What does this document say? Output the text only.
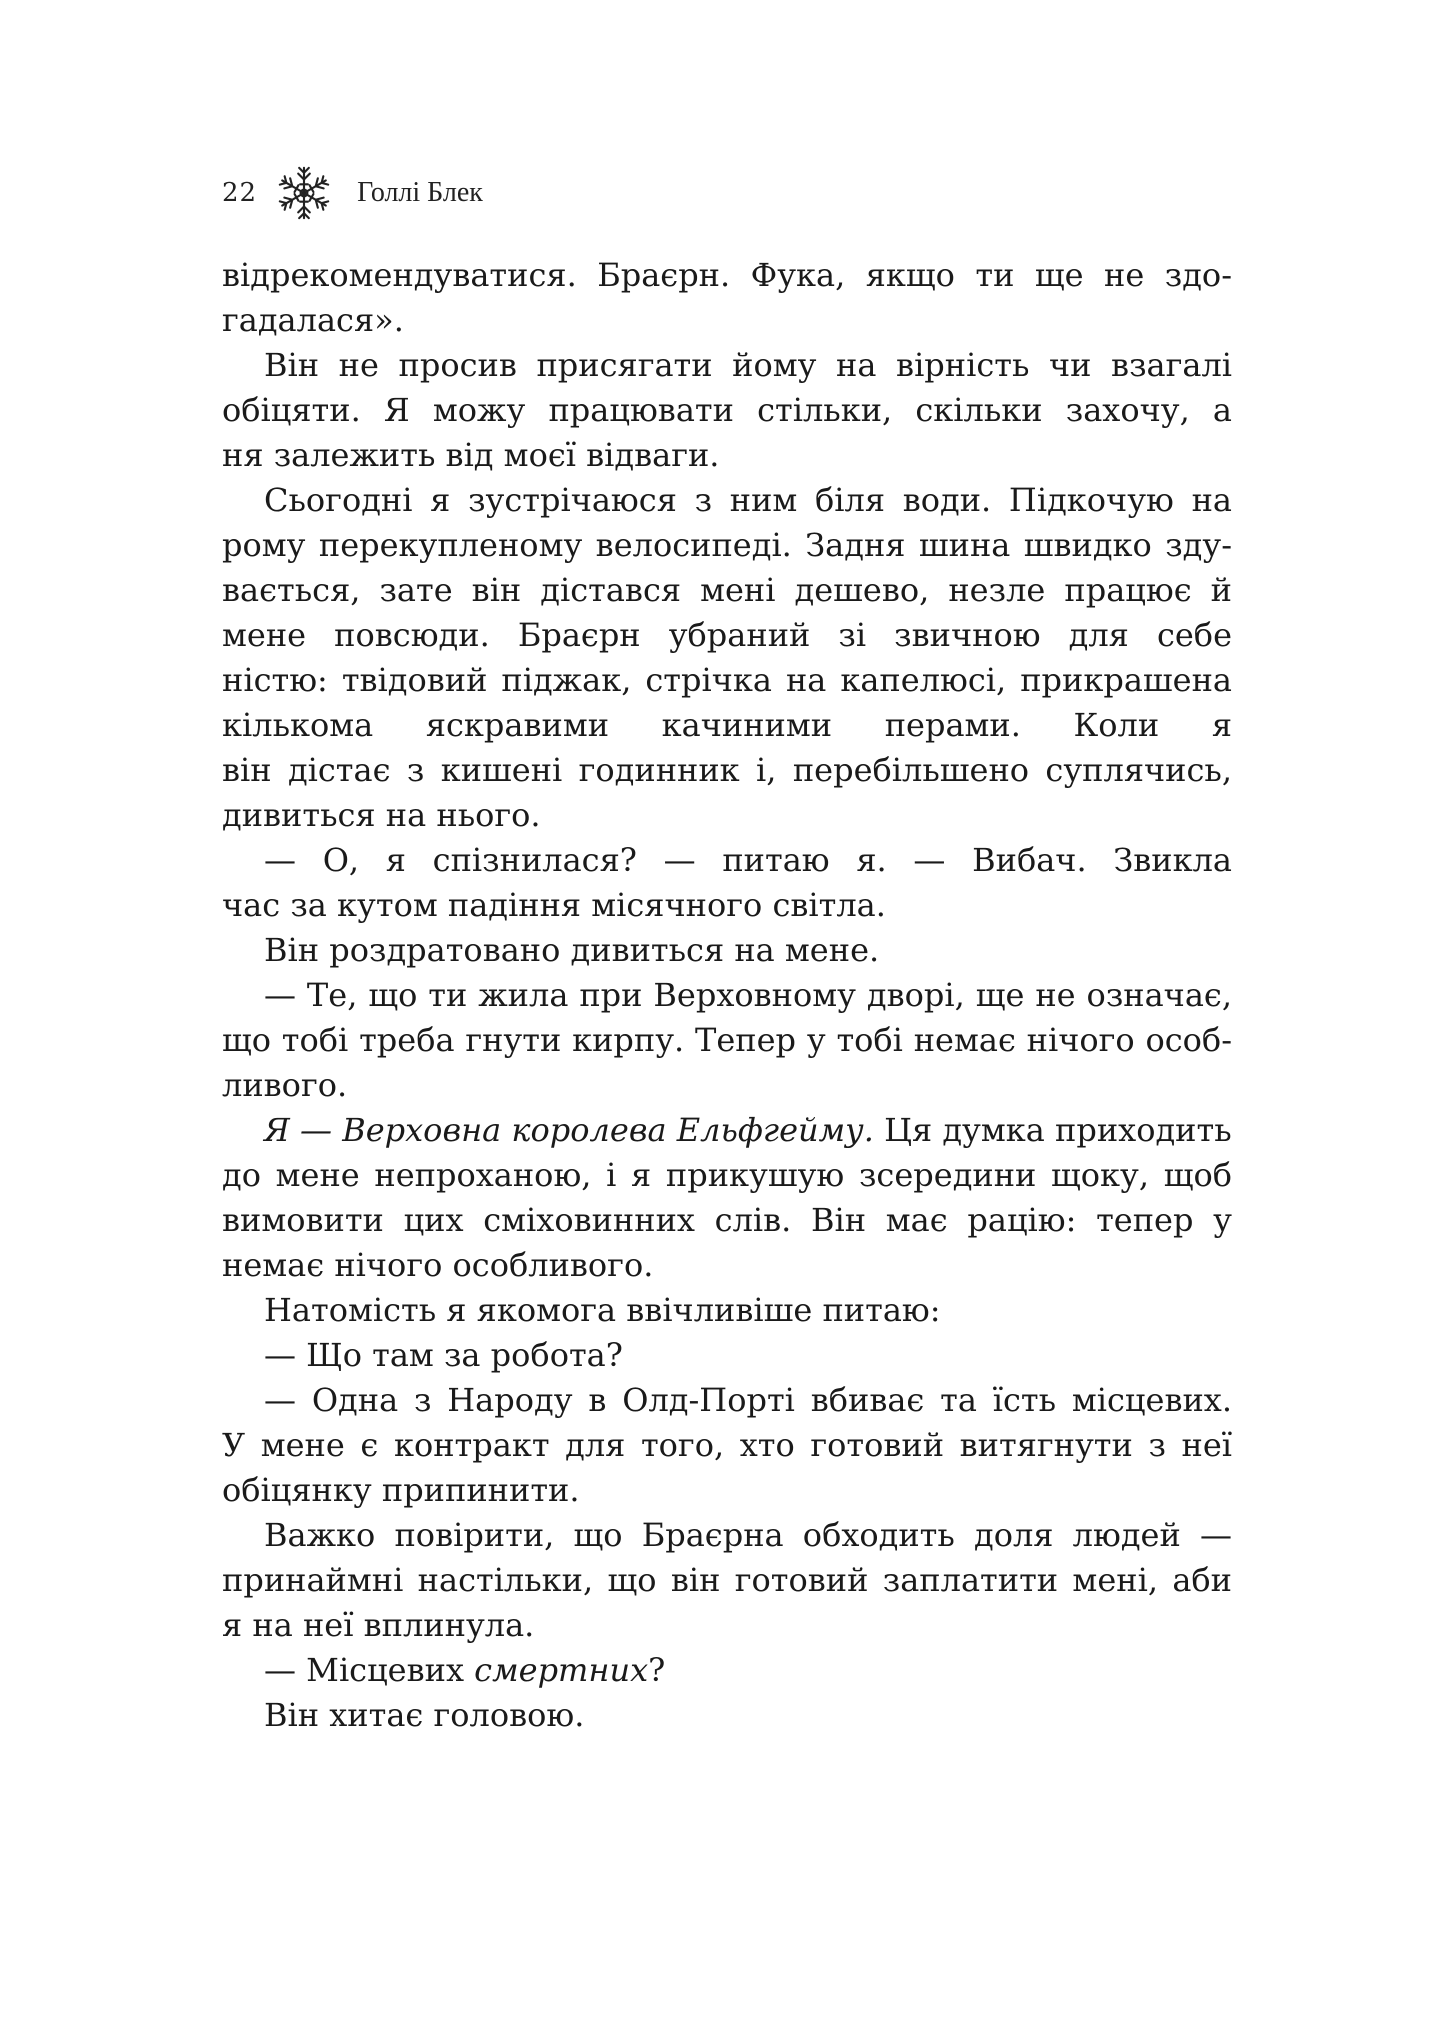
22	Голлі Блек
відрекомендуватися. Браєрн. Фука, якщо ти ще не здо-
гадалася».
Він не просив присягати йому на вірність чи взагалі
обіцяти. Я можу працювати стільки, скільки захочу, а
ня залежить від моєї відваги.
Сьогодні я зустрічаюся з ним біля води. Підкочую на
рому перекупленому велосипеді. Задня шина швидко зду-
вається, зате він дістався мені дешево, незле працює й
мене повсюди. Браєрн убраний зі звичною для себе
ністю: твідовий піджак, стрічка на капелюсі, прикрашена
кількома яскравими качиними перами. Коли я
він дістає з кишені годинник і, перебільшено суплячись,
дивиться на нього.
— О, я спізнилася? — питаю я. — Вибач. Звикла
час за кутом падіння місячного світла.
Він роздратовано дивиться на мене.
— Те, що ти жила при Верховному дворі, ще не означає,
що тобі треба гнути кирпу. Тепер у тобі немає нічого особ-
ливого.
Я — Верховна королева Ельфгейму. Ця думка приходить
до мене непроханою, і я прикушую зсередини щоку, щоб
вимовити цих сміховинних слів. Він має рацію: тепер у
немає нічого особливого.
Натомість я якомога ввічливіше питаю:
— Що там за робота?
— Одна з Народу в Олд-Порті вбиває та їсть місцевих.
У мене є контракт для того, хто готовий витягнути з неї
обіцянку припинити.
Важко повірити, що Браєрна обходить доля людей —
принаймні настільки, що він готовий заплатити мені, аби
я на неї вплинула.
— Місцевих смертних?
Він хитає головою.
